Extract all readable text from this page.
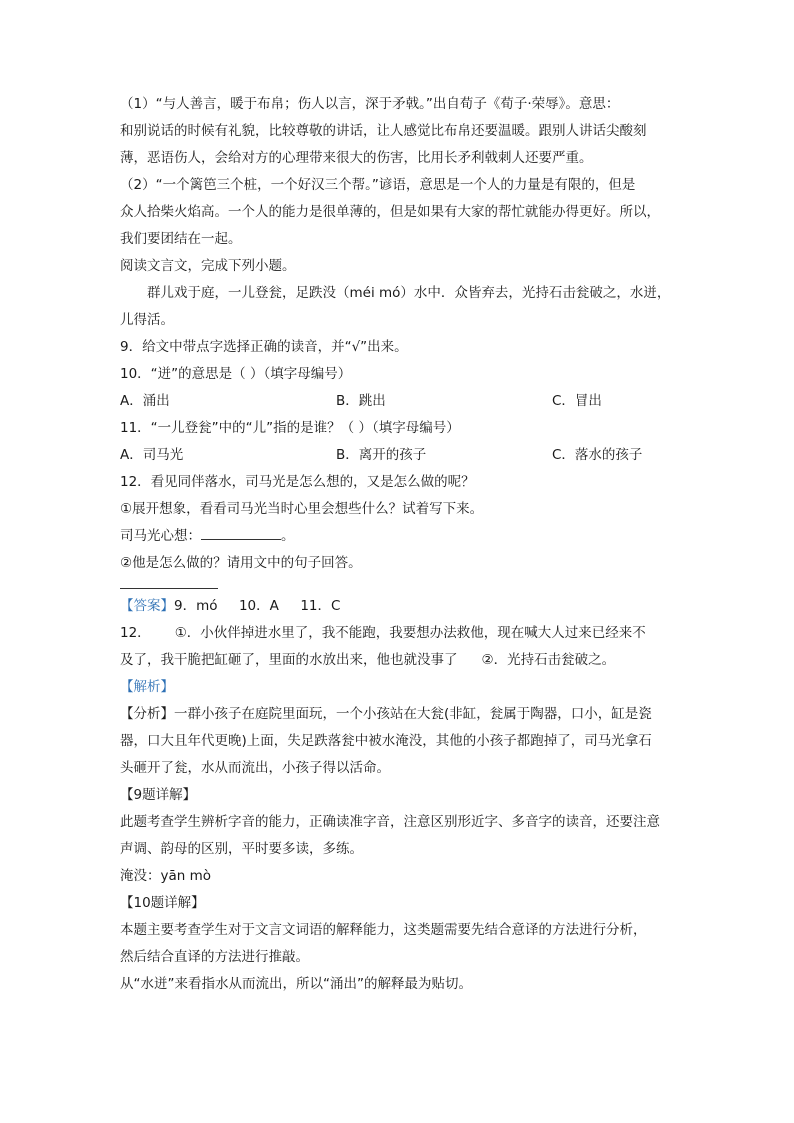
（1）“与人善言，暖于布帛；伤人以言，深于矛戟。”出自荀子《荀子·荣辱》。意思：
和别说话的时候有礼貌，比较尊敬的讲话，让人感觉比布帛还要温暖。跟别人讲话尖酸刻
薄，恶语伤人，会给对方的心理带来很大的伤害，比用长矛利戟刺人还要严重。
（2）“一个篱笆三个桩，一个好汉三个帮。”谚语，意思是一个人的力量是有限的，但是
众人拾柴火焰高。一个人的能力是很单薄的，但是如果有大家的帮忙就能办得更好。所以，
我们要团结在一起。
阅读文言文，完成下列小题。
群儿戏于庭，一儿登瓮，足跌没（méi mó）水中．众皆弃去，光持石击瓮破之，水迸，
儿得活。
9．给文中带点字选择正确的读音，并“√”出来。
10．“迸”的意思是（ ）（填字母编号）
A．涌出	B．跳出	C．冒出
11．“一儿登瓮”中的“儿”指的是谁？（ ）（填字母编号）
A．司马光	B．离开的孩子	C．落水的孩子
12．看见同伴落水，司马光是怎么想的，又是怎么做的呢？
①展开想象，看看司马光当时心里会想些什么？试着写下来。
司马光心想：	。
②他是怎么做的？请用文中的句子回答。
【答案】9．mó     10．A     11．C
12． ①．小伙伴掉进水里了，我不能跑，我要想办法救他，现在喊大人过来已经来不
及了，我干脆把缸砸了，里面的水放出来，他也就没事了 ②．光持石击瓮破之。
【解析】
【分析】一群小孩子在庭院里面玩，一个小孩站在大瓮(非缸，瓮属于陶器，口小，缸是瓷
器，口大且年代更晚)上面，失足跌落瓮中被水淹没，其他的小孩子都跑掉了，司马光拿石
头砸开了瓮，水从而流出，小孩子得以活命。
【9题详解】
此题考查学生辨析字音的能力，正确读准字音，注意区别形近字、多音字的读音，还要注意
声调、韵母的区别，平时要多读，多练。
淹没：yān mò
【10题详解】
本题主要考查学生对于文言文词语的解释能力，这类题需要先结合意译的方法进行分析，
然后结合直译的方法进行推敲。
从“水迸”来看指水从而流出，所以“涌出”的解释最为贴切。
